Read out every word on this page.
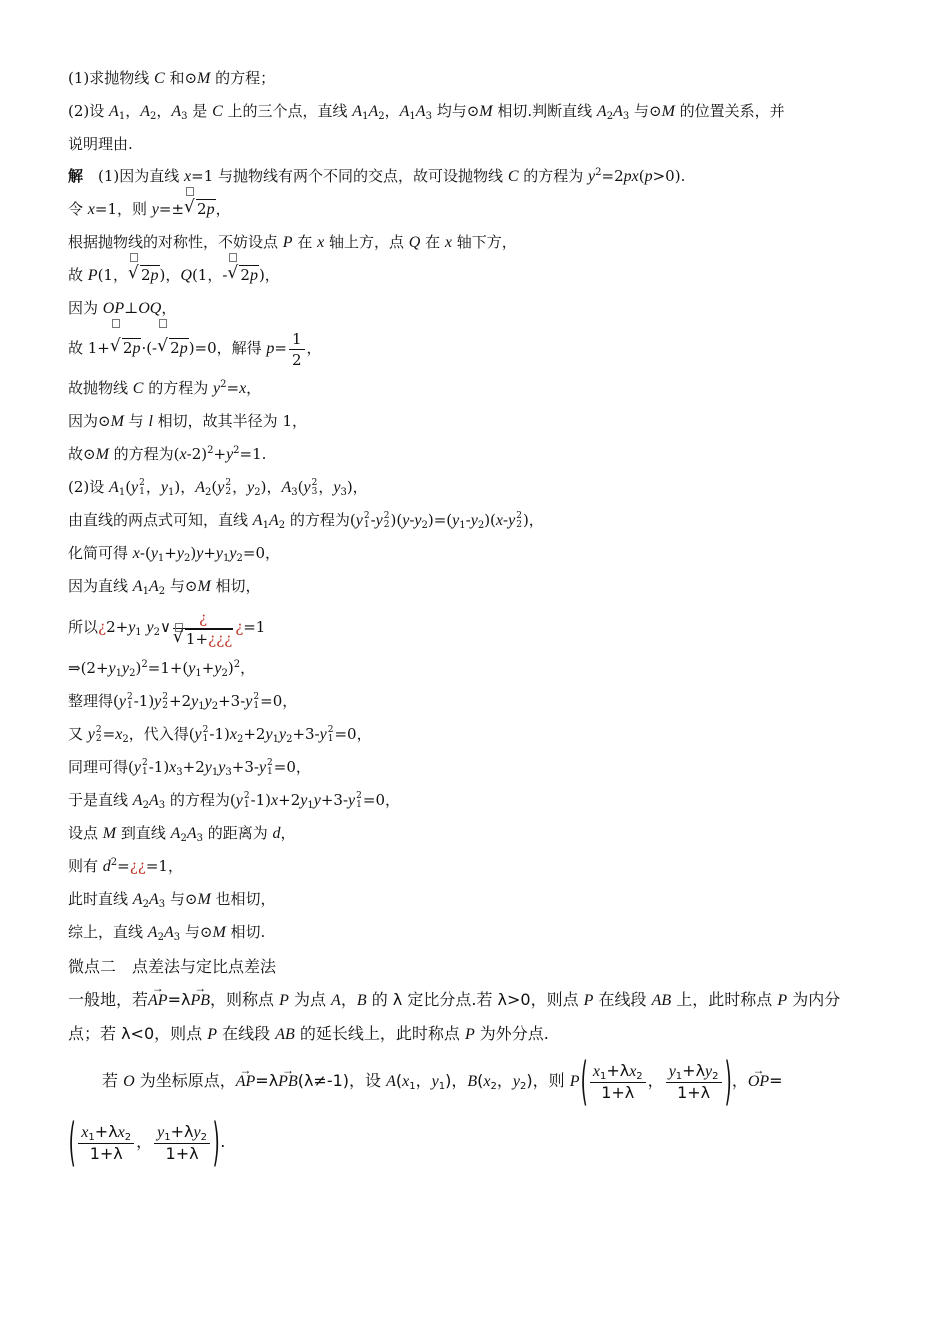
(1)求抛物线 C 和⊙M 的方程；
(2)设 $A_1$，$A_2$，$A_3$ 是 C 上的三个点，直线 $A_1A_2$，$A_1A_3$ 均与⊙M 相切.判断直线 $A_2A_3$ 与⊙M 的位置关系，并
说明理由.
解　(1)因为直线 x=1 与抛物线有两个不同的交点，故可设抛物线 C 的方程为 $y^2=2px(p>0)$.
令 x=1，则 y=± √ 2p，
根据抛物线的对称性，不妨设点 P 在 x 轴上方，点 Q 在 x 轴下方，
故 P(1， √ 2p)，Q(1，- √ 2p)，
因为 OP⊥OQ，
故 1+ √ 2p·(- √ 2p)=0，解得 $p= \frac{1}{2}$ ，
故抛物线 C 的方程为 $y^2=x$，
因为⊙M 与 l 相切，故其半径为 1，
故⊙M 的方程为$(x-2)^2+y^2=1$.
(2)设 $A_1(y$ 2
1 ，$y_1$)，$A_2(y$ 2
2 ，$y_2$)，$A_3(y$ 2
3 ，$y_3$)，
由直线的两点式可知，直线 $A_1A_2$ 的方程为(y 2
1 -y 2
2 )$(y-y_2)=(y_1-y_2)(x-y$ 2
2 )，
化简可得 $x-(y_1+y_2)y+y_1y_2=0$，
因为直线 $A_1A_2$ 与⊙M 相切，
所以¿$2+y_1$ $y_2\vee \frac{¿}{√ 1+¿¿¿}$ ¿=1
$\Rightarrow(2+y_1y_2)^2=1+(y_1+y_2)^2$，
整理得(y 2
1 -1)y 2
$2 +2y_1y_2+3-y$ 2
1 =0，
又 y 2
$2 =x_2$，代入得(y 2
1 $-1)x_2+2y_1y_2+3-y$ 2
1 =0，
同理可得(y 2
1 $-1)x_3+2y_1y_3+3-y$ 2
1 =0，
于是直线 $A_2A_3$ 的方程为(y 2
1 $-1)x+2y_1y+3-y$ 2
1 =0，
设点 M 到直线 $A_2A_3$ 的距离为 d，
则有 $d^2=¿¿=1$，
此时直线 $A_2A_3$ 与⊙M 也相切，
综上，直线 $A_2A_3$ 与⊙M 相切.
微点二　点差法与定比点差法
一般地，若→ AP=λ→ PB，则称点 P 为点 A，B 的 λ 定比分点.若 λ>0，则点 P 在线段 AB 上，此时称点 P 为内分
点；若 λ<0，则点 P 在线段 AB 的延长线上，此时称点 P 为外分点.
若 O 为坐标原点，→ AP=λ→ PB(λ≠-1)，设 $A(x_1$，$y_1$)，$B(x_2$，$y_2$)，则 $P( \frac{x_1+\lambda x_2}{1+\lambda}$ ， $\frac{y_1+\lambda y_2}{1+\lambda}$ )，→ OP=
( $\frac{x_1+\lambda x_2}{1+\lambda}$ ， $\frac{y_1+\lambda y_2}{1+\lambda}$ ).
